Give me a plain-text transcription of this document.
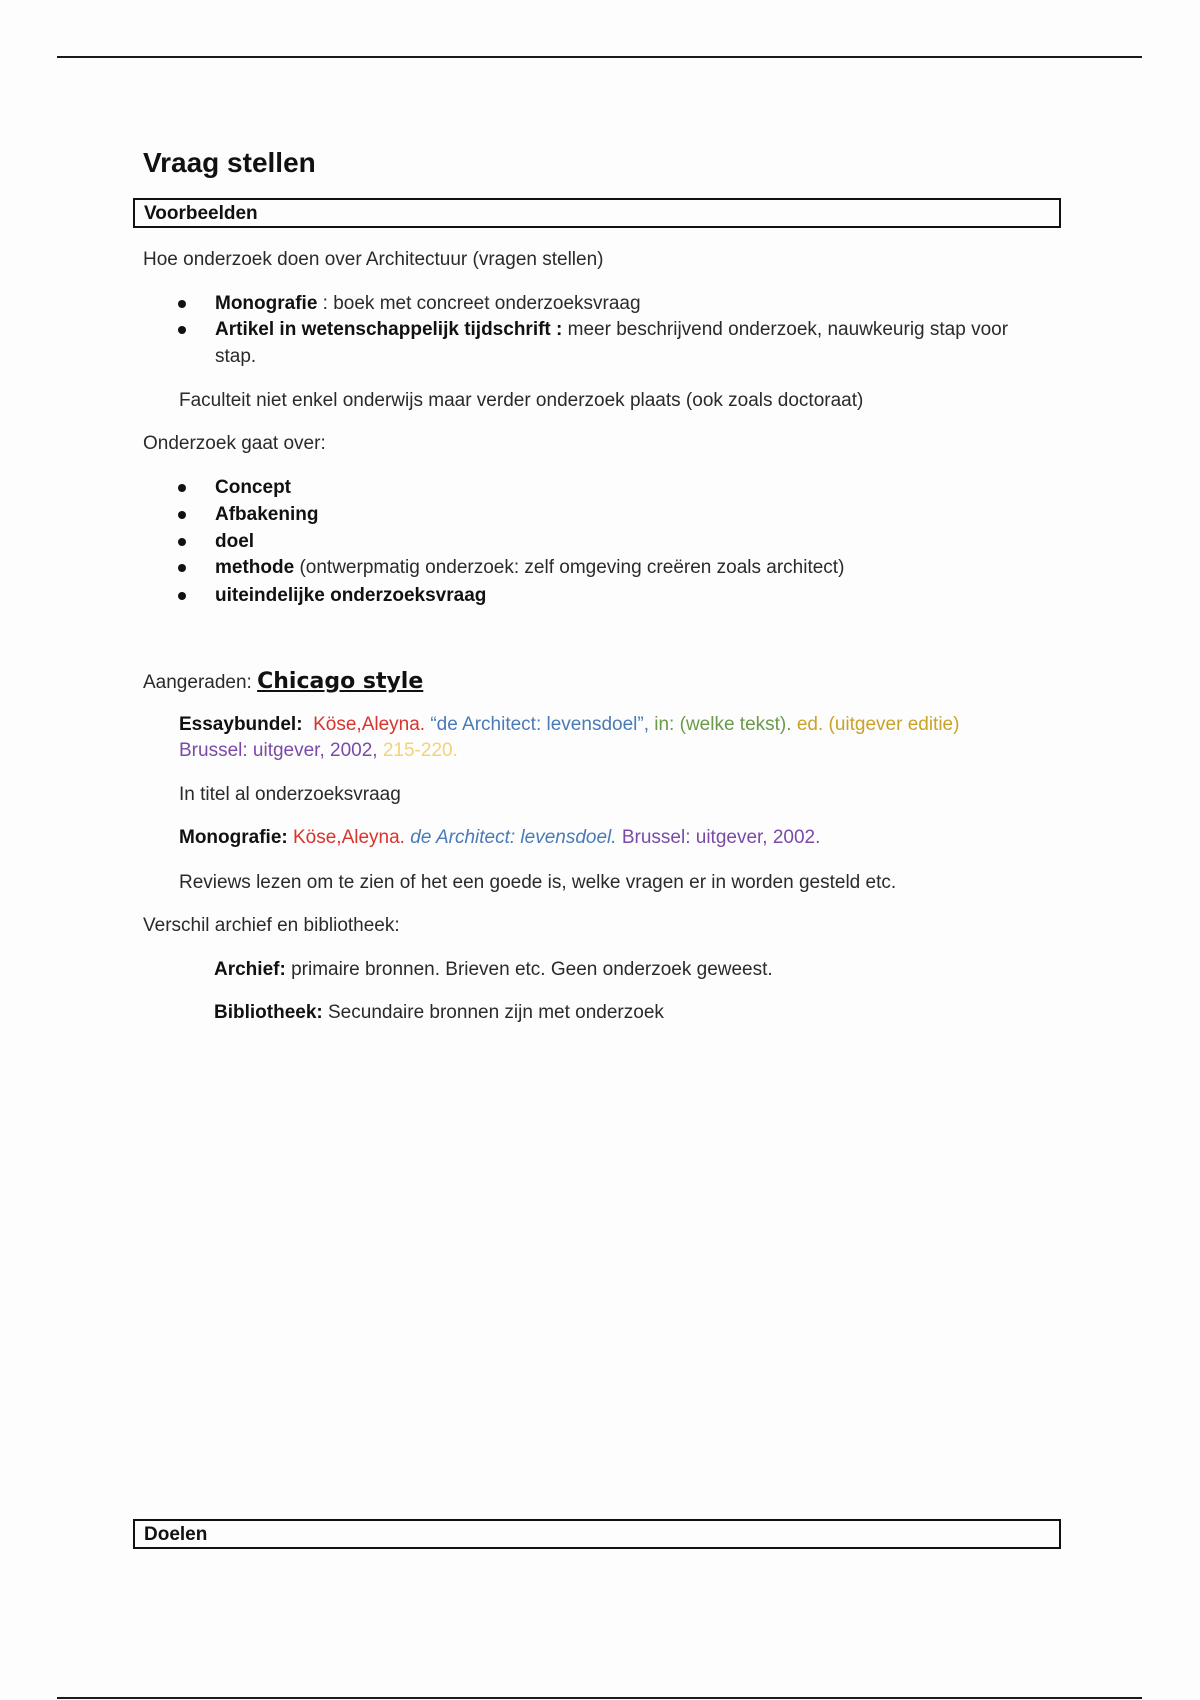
Vraag stellen
Voorbeelden
Hoe onderzoek doen over Architectuur (vragen stellen)
Monografie : boek met concreet onderzoeksvraag
Artikel in wetenschappelijk tijdschrift : meer beschrijvend onderzoek, nauwkeurig stap voor
stap.
Faculteit niet enkel onderwijs maar verder onderzoek plaats (ook zoals doctoraat)
Onderzoek gaat over:
Concept
Afbakening
doel
methode (ontwerpmatig onderzoek: zelf omgeving creëren zoals architect)
uiteindelijke onderzoeksvraag
Aangeraden: Chicago style
Essaybundel: Köse,Aleyna. “de Architect: levensdoel”, in: (welke tekst). ed. (uitgever editie)
Brussel: uitgever, 2002, 215-220.
In titel al onderzoeksvraag
Monografie: Köse,Aleyna. de Architect: levensdoel. Brussel: uitgever, 2002.
Reviews lezen om te zien of het een goede is, welke vragen er in worden gesteld etc.
Verschil archief en bibliotheek:
Archief: primaire bronnen. Brieven etc. Geen onderzoek geweest.
Bibliotheek: Secundaire bronnen zijn met onderzoek
Doelen
